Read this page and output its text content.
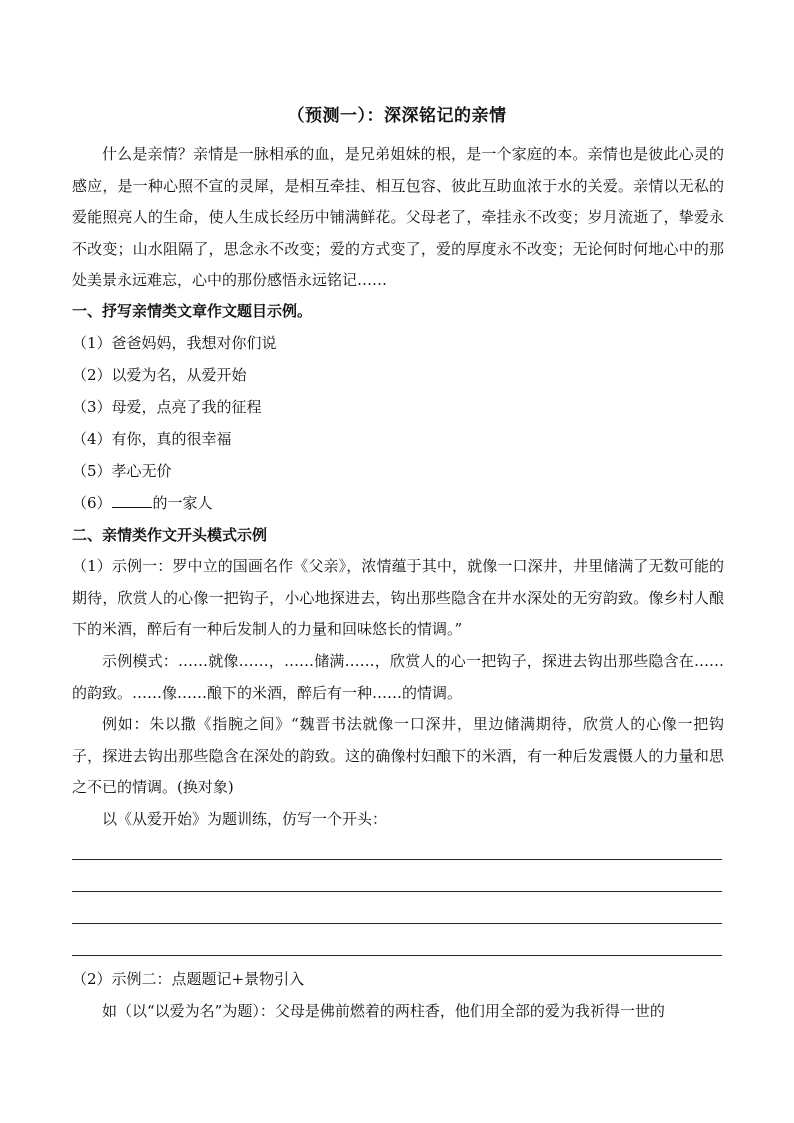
（预测一）：深深铭记的亲情
什么是亲情？亲情是一脉相承的血，是兄弟姐妹的根，是一个家庭的本。亲情也是彼此心灵的感应，是一种心照不宣的灵犀，是相互牵挂、相互包容、彼此互助血浓于水的关爱。亲情以无私的爱能照亮人的生命，使人生成长经历中铺满鲜花。父母老了，牵挂永不改变；岁月流逝了，挚爱永不改变；山水阻隔了，思念永不改变；爱的方式变了，爱的厚度永不改变；无论何时何地心中的那处美景永远难忘，心中的那份感悟永远铭记……
一、抒写亲情类文章作文题目示例。
（1）爸爸妈妈，我想对你们说
（2）以爱为名，从爱开始
（3）母爱，点亮了我的征程
（4）有你，真的很幸福
（5）孝心无价
（6）	的一家人
二、亲情类作文开头模式示例
（1）示例一：罗中立的国画名作《父亲》，浓情蕴于其中，就像一口深井，井里储满了无数可能的期待，欣赏人的心像一把钩子，小心地探进去，钩出那些隐含在井水深处的无穷韵致。像乡村人酿下的米酒，醉后有一种后发制人的力量和回味悠长的情调。”
示例模式：……就像……，……储满……，欣赏人的心一把钩子，探进去钩出那些隐含在……的韵致。……像……酿下的米酒，醉后有一种……的情调。
例如：朱以撒《指腕之间》“魏晋书法就像一口深井，里边储满期待，欣赏人的心像一把钩子，探进去钩出那些隐含在深处的韵致。这的确像村妇酿下的米酒，有一种后发震慑人的力量和思之不已的情调。(换对象)
以《从爱开始》为题训练，仿写一个开头：
（2）示例二：点题题记+景物引入
如（以“以爱为名”为题）：父母是佛前燃着的两柱香，他们用全部的爱为我祈得一世的
